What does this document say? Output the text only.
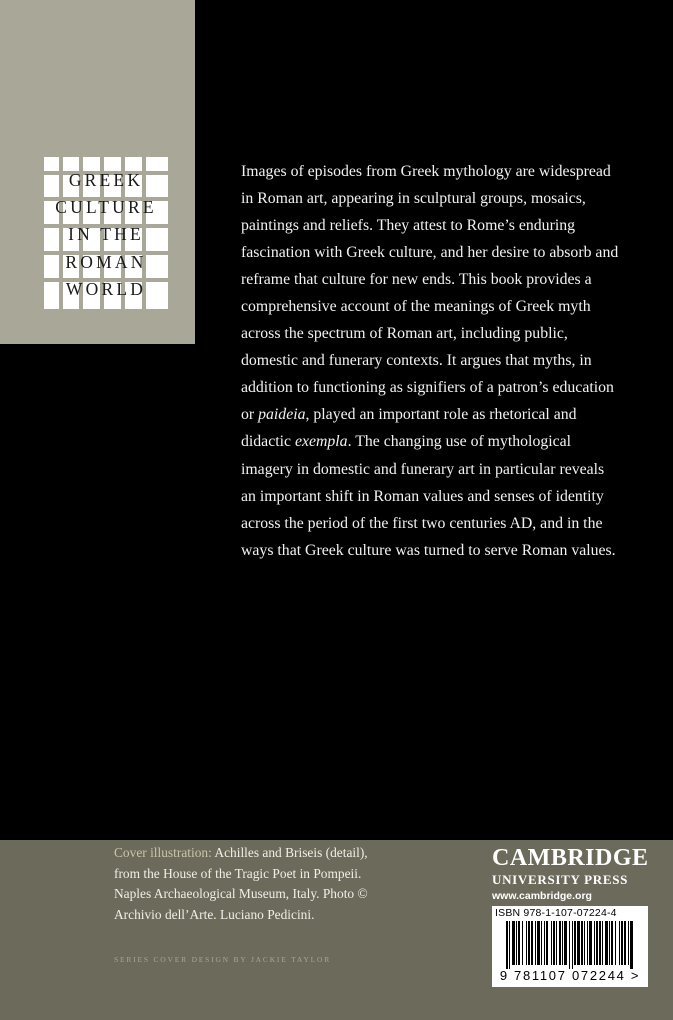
GREEK
CULTURE
IN THE
ROMAN
WORLD

Images of episodes from Greek mythology are widespread in Roman art, appearing in sculptural groups, mosaics, paintings and reliefs. They attest to Rome’s enduring fascination with Greek culture, and her desire to absorb and reframe that culture for new ends. This book provides a comprehensive account of the meanings of Greek myth across the spectrum of Roman art, including public, domestic and funerary contexts. It argues that myths, in addition to functioning as signifiers of a patron’s education or paideia, played an important role as rhetorical and didactic exempla. The changing use of mythological imagery in domestic and funerary art in particular reveals an important shift in Roman values and senses of identity across the period of the first two centuries AD, and in the ways that Greek culture was turned to serve Roman values.

Cover illustration: Achilles and Briseis (detail), from the House of the Tragic Poet in Pompeii. Naples Archaeological Museum, Italy. Photo © Archivio dell’Arte. Luciano Pedicini.
SERIES COVER DESIGN BY JACKIE TAYLOR
CAMBRIDGE
UNIVERSITY PRESS
www.cambridge.org
ISBN 978-1-107-07224-4
9 781107 072244 >
